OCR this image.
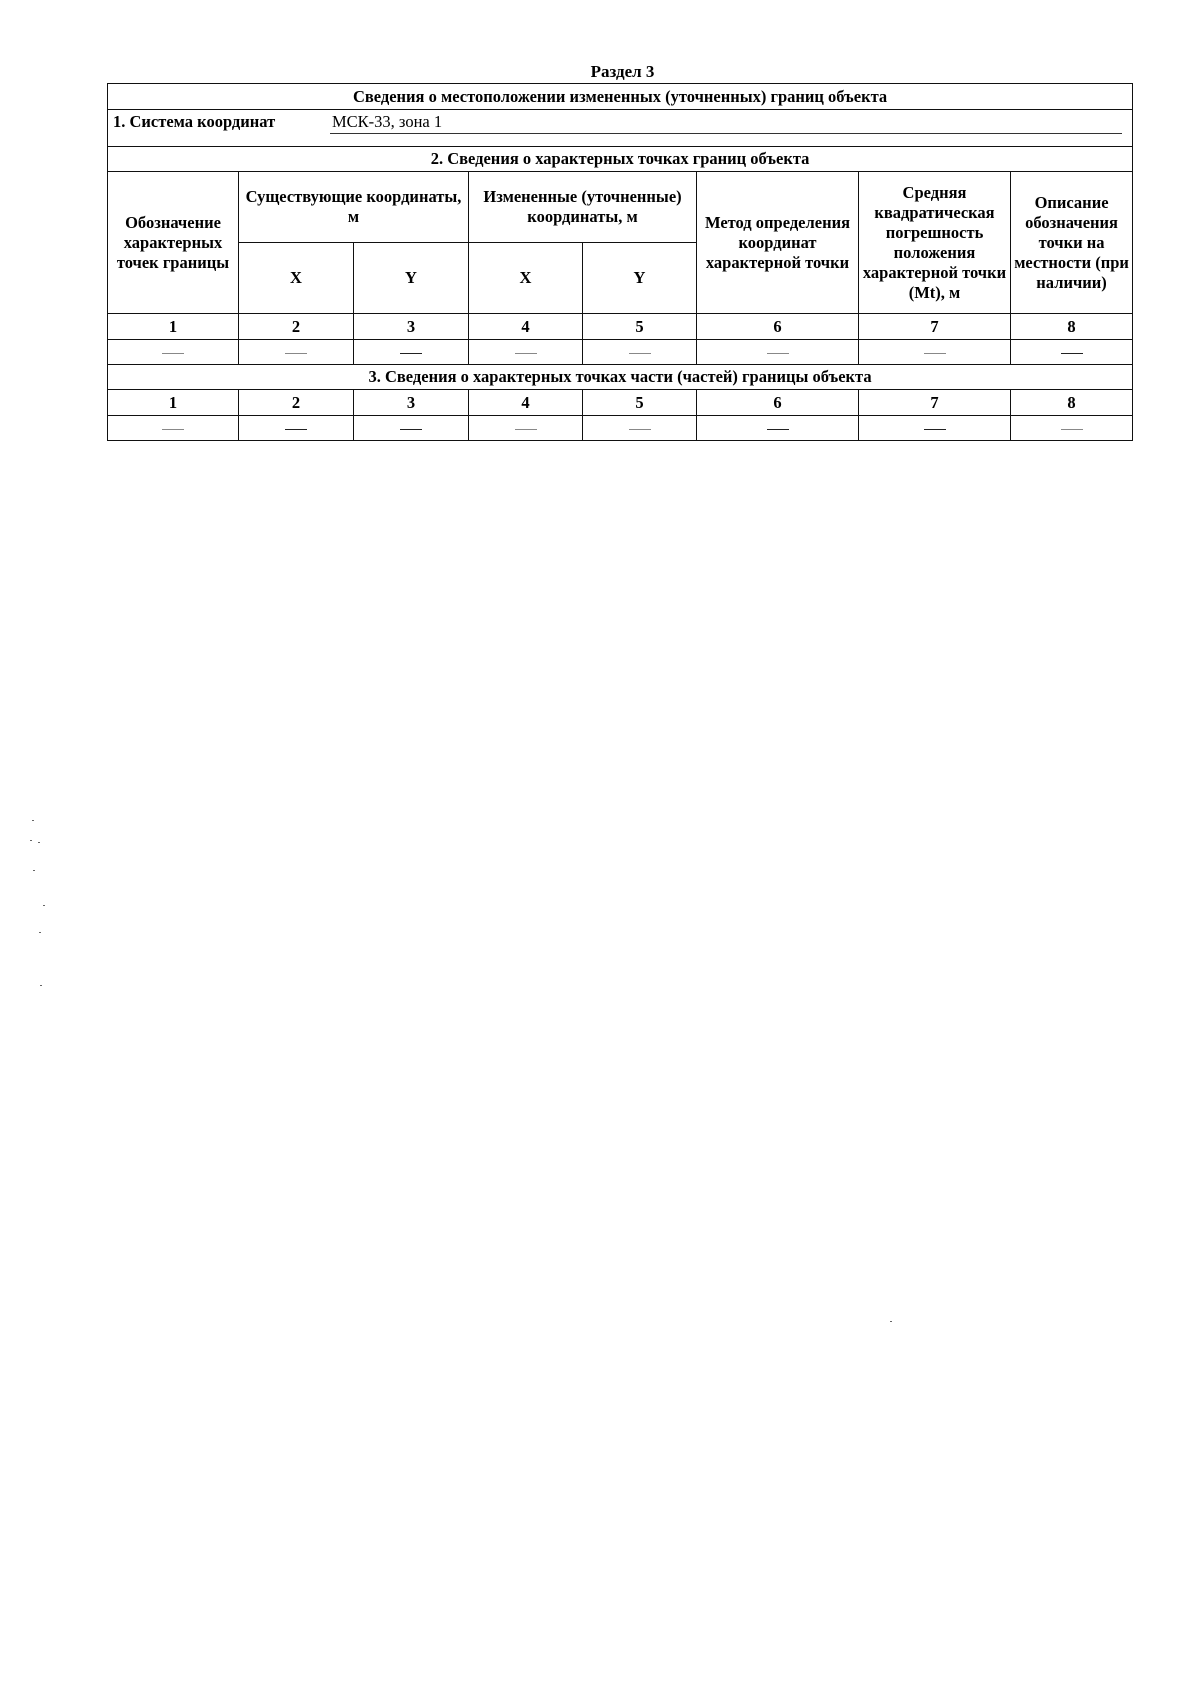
Раздел 3
Сведения о местоположении измененных (уточненных) границ объекта							

1. Система координат МСК-33, зона 1							

2. Сведения о характерных точках границ объекта							
Обозначение характерных точек границы	Существующие координаты, м		Измененные (уточненные) координаты, м		Метод определения координат характерной точки	Средняя квадратическая погрешность положения характерной точки (Mt), м	Описание обозначения точки на местности (при наличии)
	X	Y	X	Y			
1	2	3	4	5	6	7	8

3. Сведения о характерных точках части (частей) границы объекта							
1	2	3	4	5	6	7	8
